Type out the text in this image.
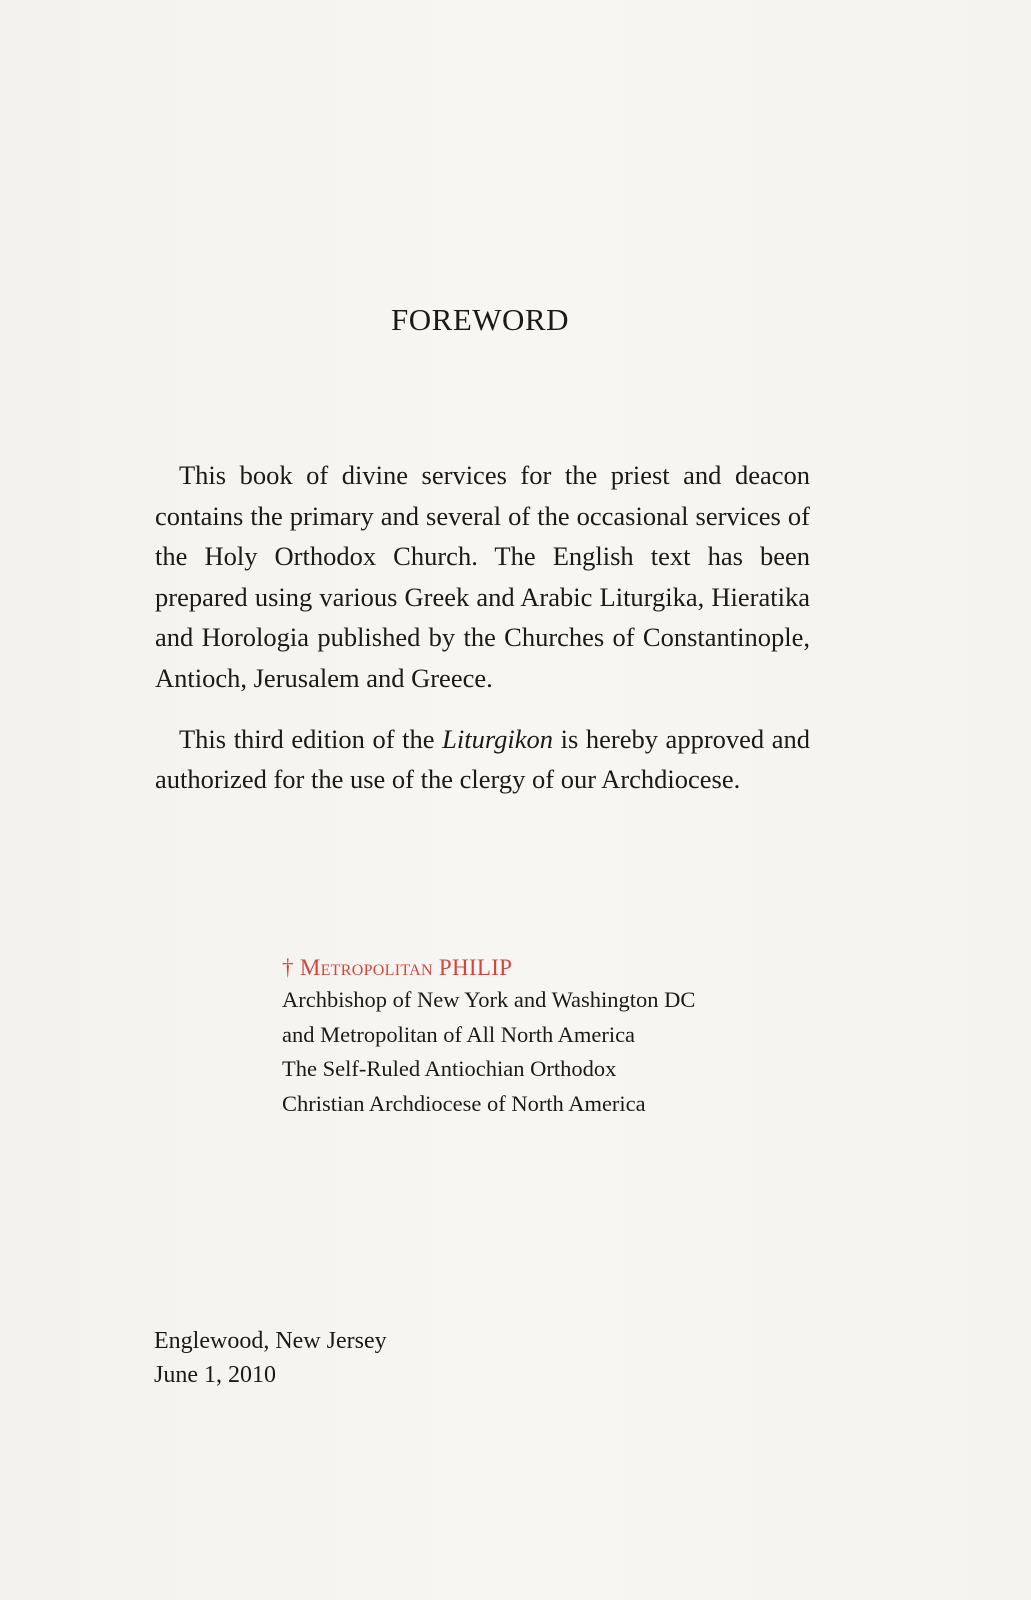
FOREWORD

This book of divine services for the priest and deacon contains the primary and several of the occasional services of the Holy Orthodox Church. The English text has been prepared using various Greek and Arabic Liturgika, Hieratika and Horologia published by the Churches of Constantinople, Antioch, Jerusalem and Greece.

This third edition of the Liturgikon is hereby approved and authorized for the use of the clergy of our Archdiocese.

† Metropolitan PHILIP
Archbishop of New York and Washington DC
and Metropolitan of All North America
The Self-Ruled Antiochian Orthodox
Christian Archdiocese of North America
Englewood, New Jersey
June 1, 2010
